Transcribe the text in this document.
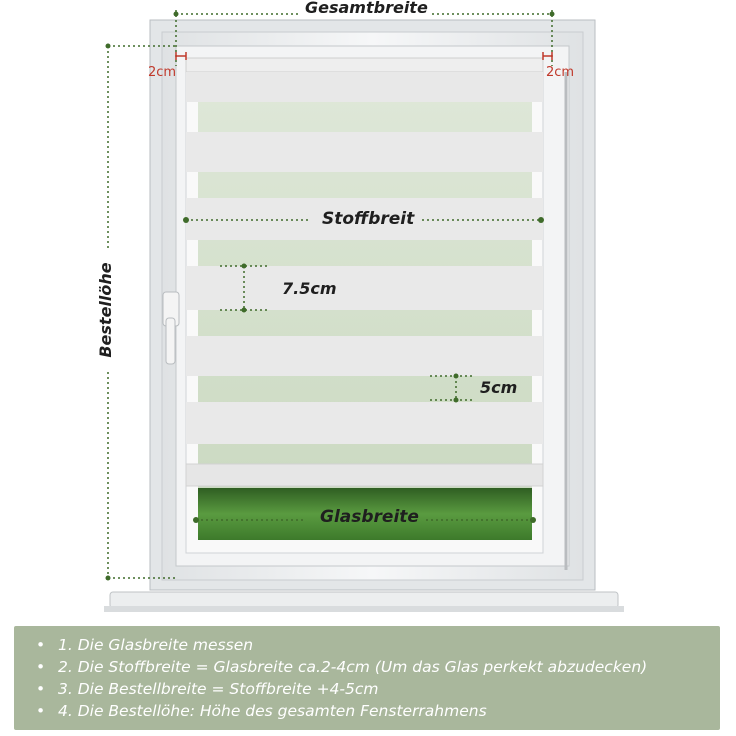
Gesamtbreite
2cm	2cm
Stoffbreit
7.5cm
5cm
Glasbreite
Bestellöhe
• 1. Die Glasbreite messen
• 2. Die Stoffbreite = Glasbreite ca.2-4cm (Um das Glas perkekt abzudecken)
• 3. Die Bestellbreite = Stoffbreite +4-5cm
• 4. Die Bestellöhe: Höhe des gesamten Fensterrahmens
